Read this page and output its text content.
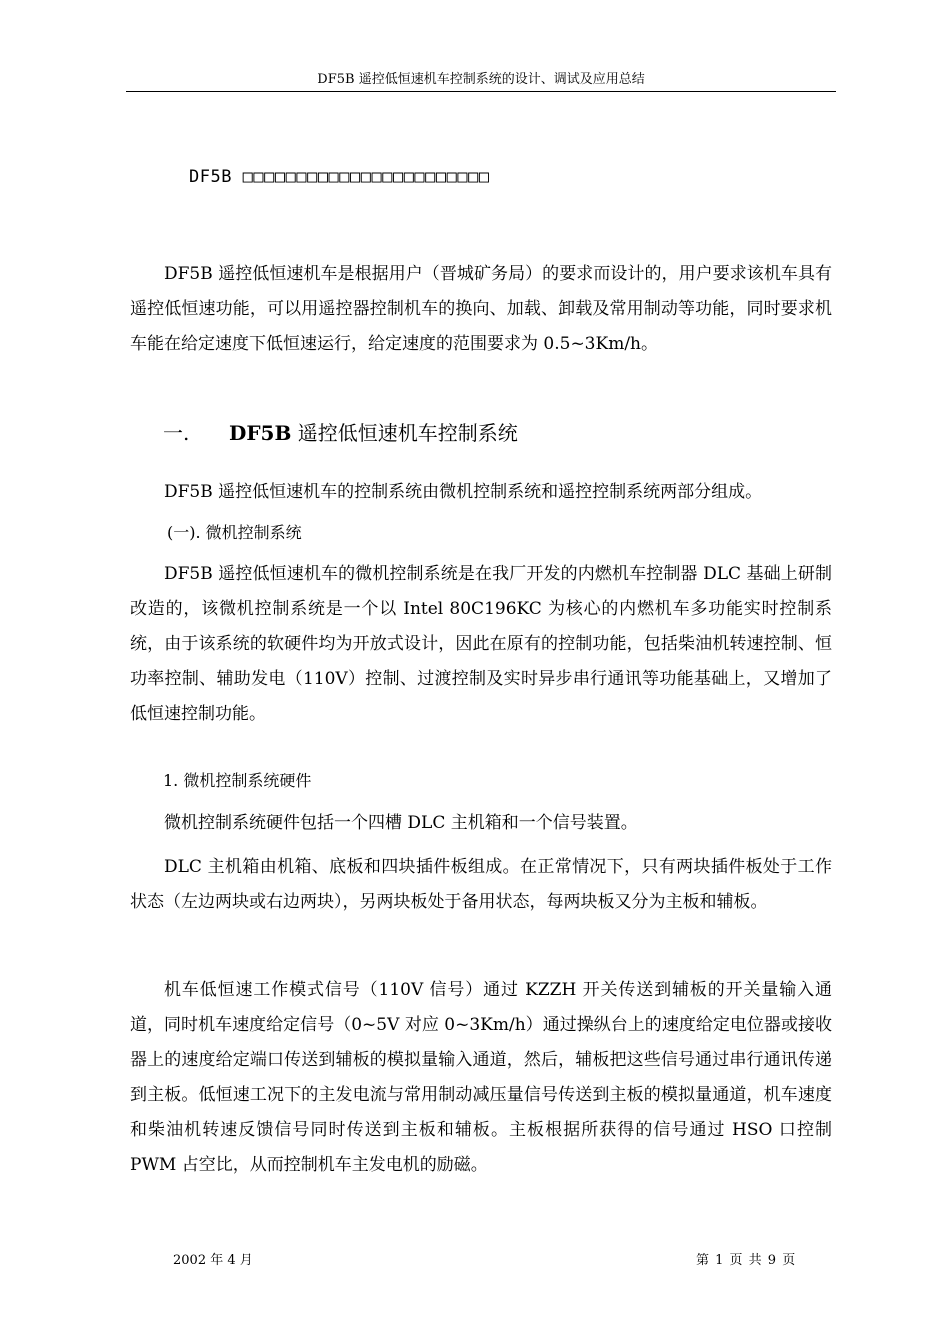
DF5B 遥控低恒速机车控制系统的设计、调试及应用总结
DF5B □□□□□□□□□□□□□□□□□□□□□□□

DF5B 遥控低恒速机车是根据用户（晋城矿务局）的要求而设计的，用户要求该机车具有遥控低恒速功能，可以用遥控器控制机车的换向、加载、卸载及常用制动等功能，同时要求机车能在给定速度下低恒速运行，给定速度的范围要求为 0.5~3Km/h。

一. DF5B 遥控低恒速机车控制系统

DF5B 遥控低恒速机车的控制系统由微机控制系统和遥控控制系统两部分组成。

(一). 微机控制系统

DF5B 遥控低恒速机车的微机控制系统是在我厂开发的内燃机车控制器 DLC 基础上研制改造的，该微机控制系统是一个以 Intel 80C196KC 为核心的内燃机车多功能实时控制系统，由于该系统的软硬件均为开放式设计，因此在原有的控制功能，包括柴油机转速控制、恒功率控制、辅助发电（110V）控制、过渡控制及实时异步串行通讯等功能基础上，又增加了低恒速控制功能。

1. 微机控制系统硬件

微机控制系统硬件包括一个四槽 DLC 主机箱和一个信号装置。

DLC 主机箱由机箱、底板和四块插件板组成。在正常情况下，只有两块插件板处于工作状态（左边两块或右边两块），另两块板处于备用状态，每两块板又分为主板和辅板。

机车低恒速工作模式信号（110V 信号）通过 KZZH 开关传送到辅板的开关量输入通道，同时机车速度给定信号（0~5V 对应 0~3Km/h）通过操纵台上的速度给定电位器或接收器上的速度给定端口传送到辅板的模拟量输入通道，然后，辅板把这些信号通过串行通讯传递到主板。低恒速工况下的主发电流与常用制动减压量信号传送到主板的模拟量通道，机车速度和柴油机转速反馈信号同时传送到主板和辅板。主板根据所获得的信号通过 HSO 口控制 PWM 占空比，从而控制机车主发电机的励磁。

2002 年 4 月	第 1 页 共 9 页
